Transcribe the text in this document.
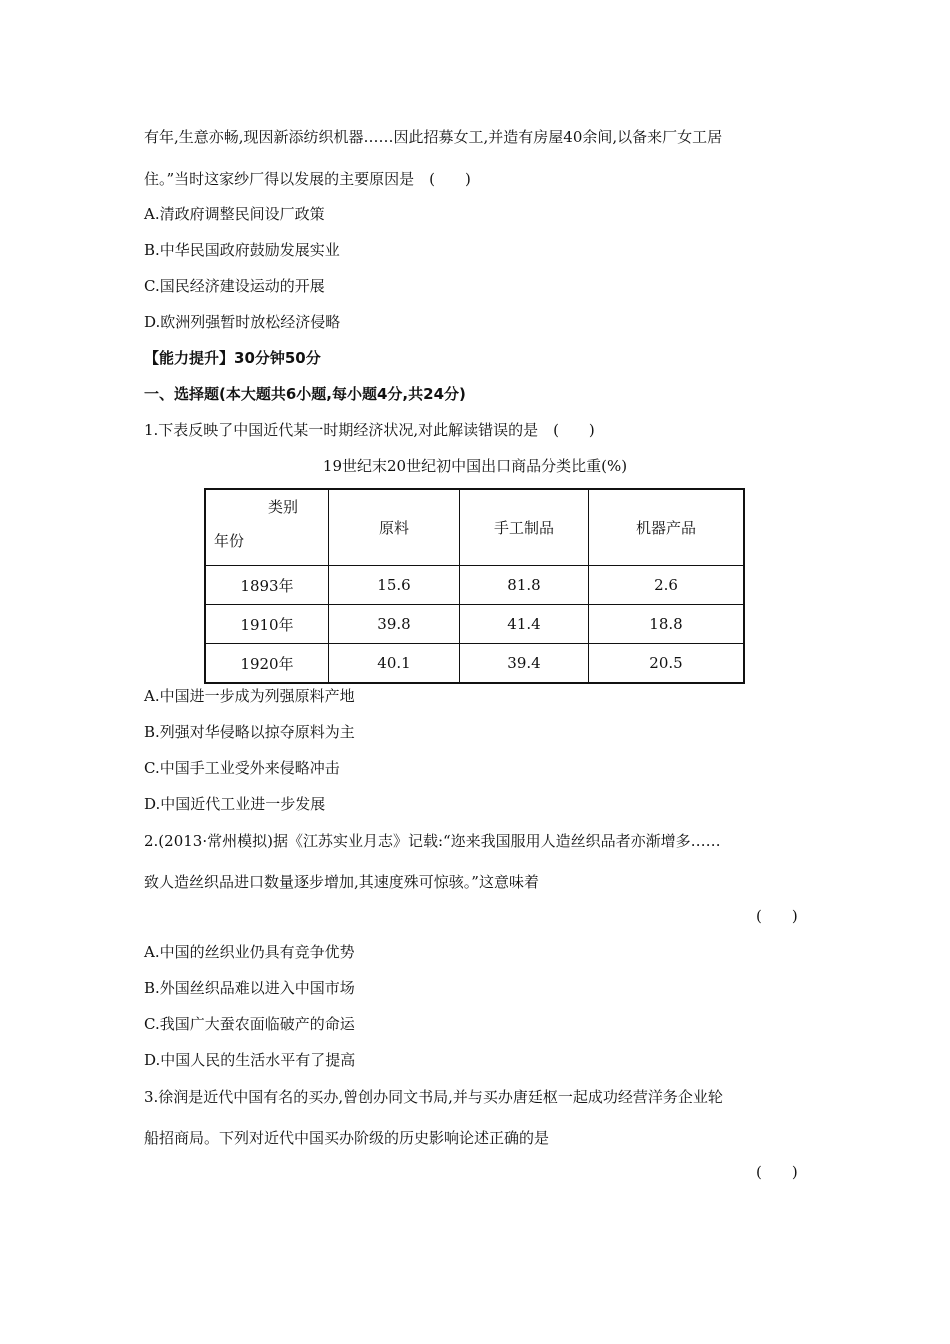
有年,生意亦畅,现因新添纺织机器……因此招募女工,并造有房屋40余间,以备来厂女工居
住。”当时这家纱厂得以发展的主要原因是　(　　)
A.清政府调整民间设厂政策
B.中华民国政府鼓励发展实业
C.国民经济建设运动的开展
D.欧洲列强暂时放松经济侵略
【能力提升】30分钟50分
一、选择题(本大题共6小题,每小题4分,共24分)
1.下表反映了中国近代某一时期经济状况,对此解读错误的是　(　　)
19世纪末20世纪初中国出口商品分类比重(%)
类别
年份	原料	手工制品	机器产品
1893年	15.6	81.8	2.6
1910年	39.8	41.4	18.8
1920年	40.1	39.4	20.5
A.中国进一步成为列强原料产地
B.列强对华侵略以掠夺原料为主
C.中国手工业受外来侵略冲击
D.中国近代工业进一步发展
2.(2013·常州模拟)据《江苏实业月志》记载:“迩来我国服用人造丝织品者亦渐增多……
致人造丝织品进口数量逐步增加,其速度殊可惊骇。”这意味着
(　　)
A.中国的丝织业仍具有竞争优势
B.外国丝织品难以进入中国市场
C.我国广大蚕农面临破产的命运
D.中国人民的生活水平有了提高
3.徐润是近代中国有名的买办,曾创办同文书局,并与买办唐廷枢一起成功经营洋务企业轮
船招商局。下列对近代中国买办阶级的历史影响论述正确的是
(　　)
